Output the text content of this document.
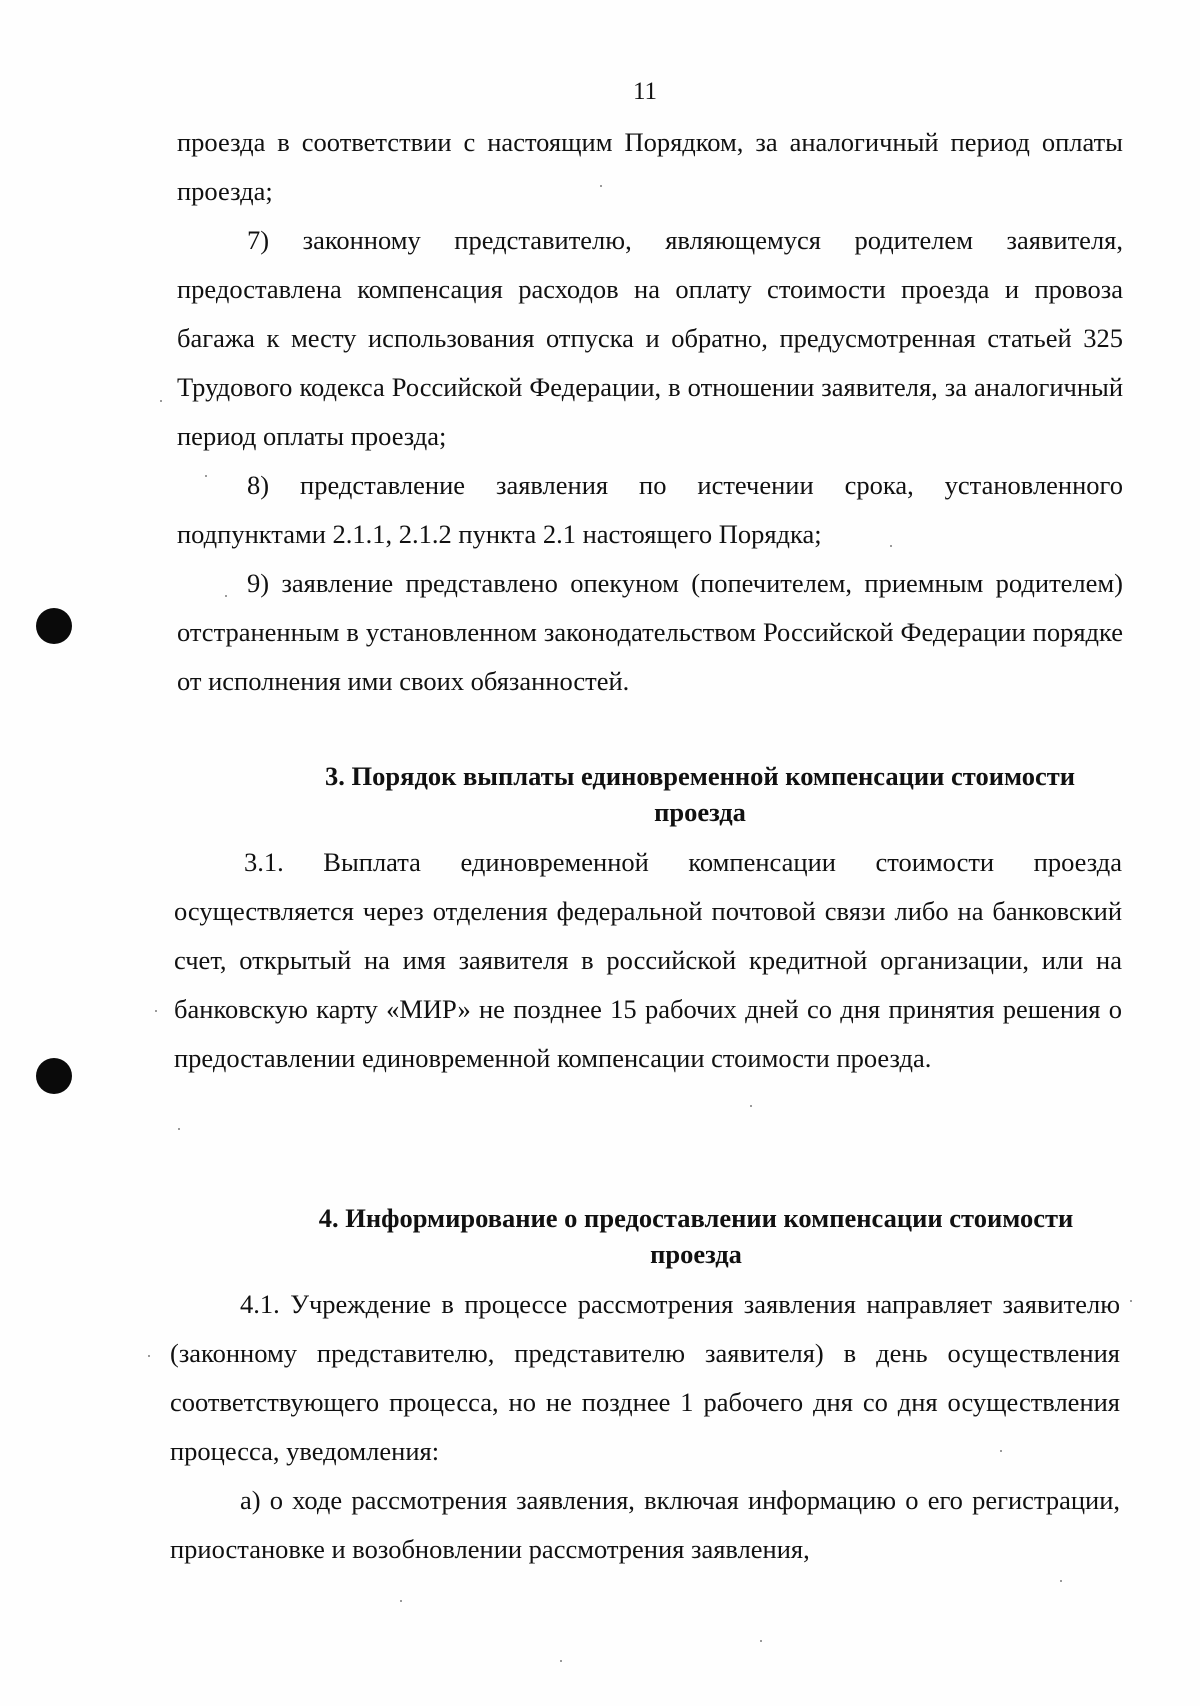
11

проезда в соответствии с настоящим Порядком, за аналогичный период оплаты проезда;

7) законному представителю, являющемуся родителем заявителя, предоставлена компенсация расходов на оплату стоимости проезда и провоза багажа к месту использования отпуска и обратно, предусмотренная статьей 325 Трудового кодекса Российской Федерации, в отношении заявителя, за аналогичный период оплаты проезда;

8) представление заявления по истечении срока, установленного подпунктами 2.1.1, 2.1.2 пункта 2.1 настоящего Порядка;

9) заявление представлено опекуном (попечителем, приемным родителем) отстраненным в установленном законодательством Российской Федерации порядке от исполнения ими своих обязанностей.

3. Порядок выплаты единовременной компенсации стоимости
проезда

3.1. Выплата единовременной компенсации стоимости проезда осуществляется через отделения федеральной почтовой связи либо на банковский счет, открытый на имя заявителя в российской кредитной организации, или на банковскую карту «МИР» не позднее 15 рабочих дней со дня принятия решения о предоставлении единовременной компенсации стоимости проезда.

4. Информирование о предоставлении компенсации стоимости
проезда

4.1. Учреждение в процессе рассмотрения заявления направляет заявителю (законному представителю, представителю заявителя) в день осуществления соответствующего процесса, но не позднее 1 рабочего дня со дня осуществления процесса, уведомления:

а) о ходе рассмотрения заявления, включая информацию о его регистрации, приостановке и возобновлении рассмотрения заявления,
